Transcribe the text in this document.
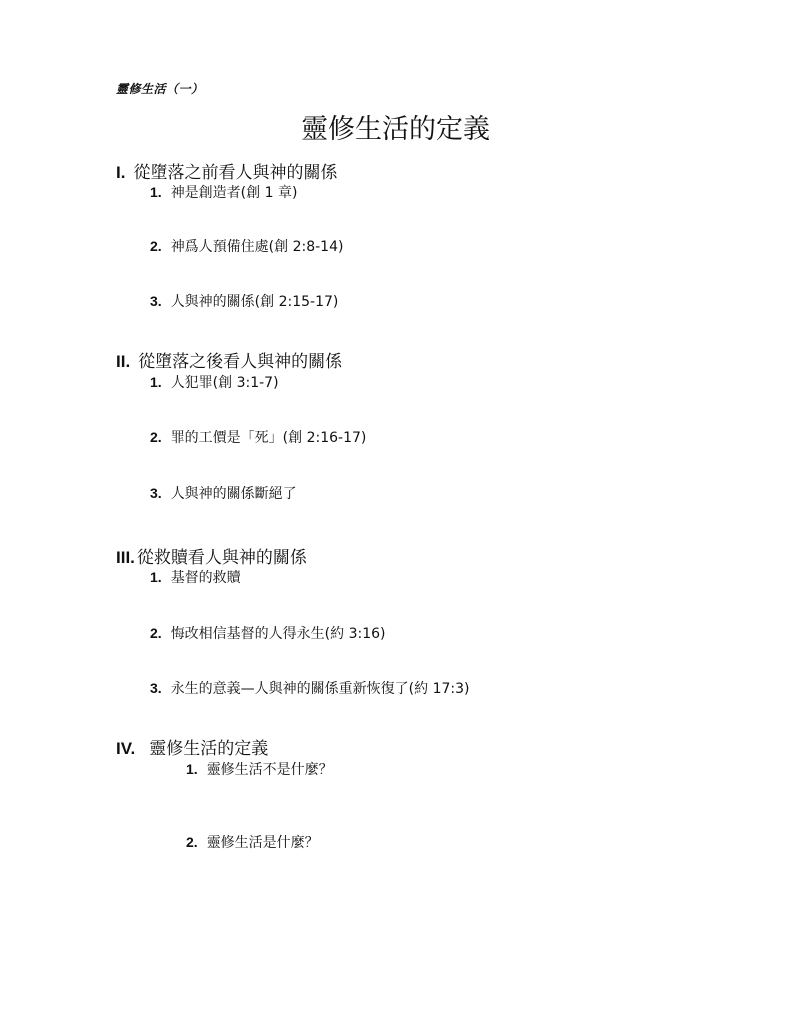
靈修生活（一）
靈修生活的定義
I. 從墮落之前看人與神的關係
1. 神是創造者(創 1 章)
2. 神爲人預備住處(創 2:8-14)
3. 人與神的關係(創 2:15-17)
II. 從墮落之後看人與神的關係
1. 人犯罪(創 3:1-7)
2. 罪的工價是「死」(創 2:16-17)
3. 人與神的關係斷絕了
III. 從救贖看人與神的關係
1. 基督的救贖
2. 悔改相信基督的人得永生(約 3:16)
3. 永生的意義—人與神的關係重新恢復了(約 17:3)
IV. 靈修生活的定義
1. 靈修生活不是什麼？
2. 靈修生活是什麼？
